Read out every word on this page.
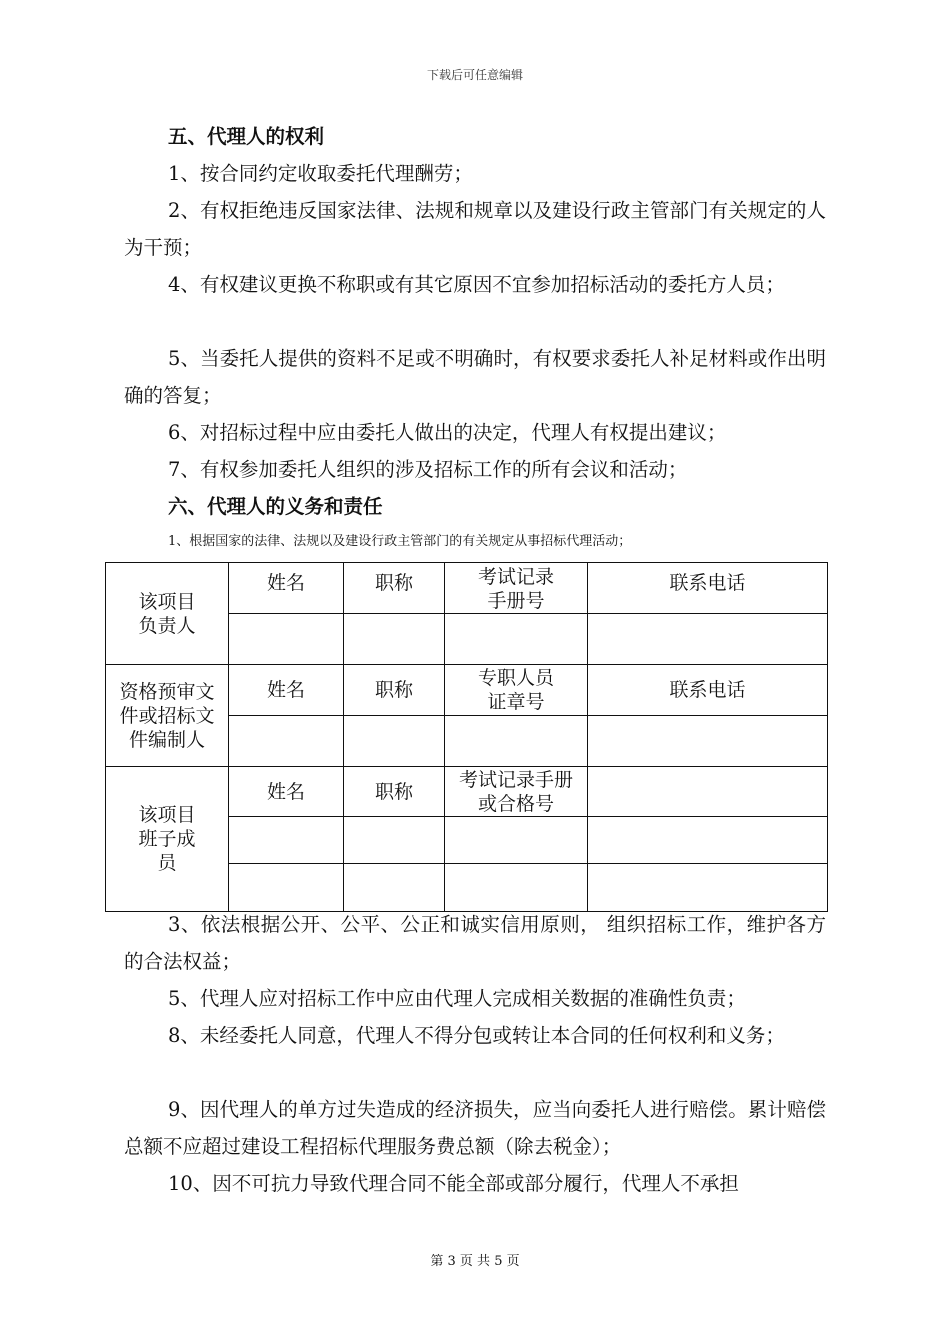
下载后可任意编辑
五、代理人的权利
1、按合同约定收取委托代理酬劳；
2、有权拒绝违反国家法律、法规和规章以及建设行政主管部门有关规定的人为干预；
4、有权建议更换不称职或有其它原因不宜参加招标活动的委托方人员；
5、当委托人提供的资料不足或不明确时，有权要求委托人补足材料或作出明确的答复；
6、对招标过程中应由委托人做出的决定，代理人有权提出建议；
7、有权参加委托人组织的涉及招标工作的所有会议和活动；
六、代理人的义务和责任
1、根据国家的法律、法规以及建设行政主管部门的有关规定从事招标代理活动；
该项目负责人	姓名	职称	考试记录手册号	联系电话

资格预审文件或招标文件编制人	姓名	职称	专职人员证章号	联系电话

该项目班子成员	姓名	职称	考试记录手册或合格号	

3、依法根据公开、公平、公正和诚实信用原则， 组织招标工作，维护各方的合法权益；
5、代理人应对招标工作中应由代理人完成相关数据的准确性负责；
8、未经委托人同意，代理人不得分包或转让本合同的任何权利和义务；
9、因代理人的单方过失造成的经济损失，应当向委托人进行赔偿。累计赔偿总额不应超过建设工程招标代理服务费总额（除去税金）；
10、因不可抗力导致代理合同不能全部或部分履行，代理人不承担
第 3 页 共 5 页
